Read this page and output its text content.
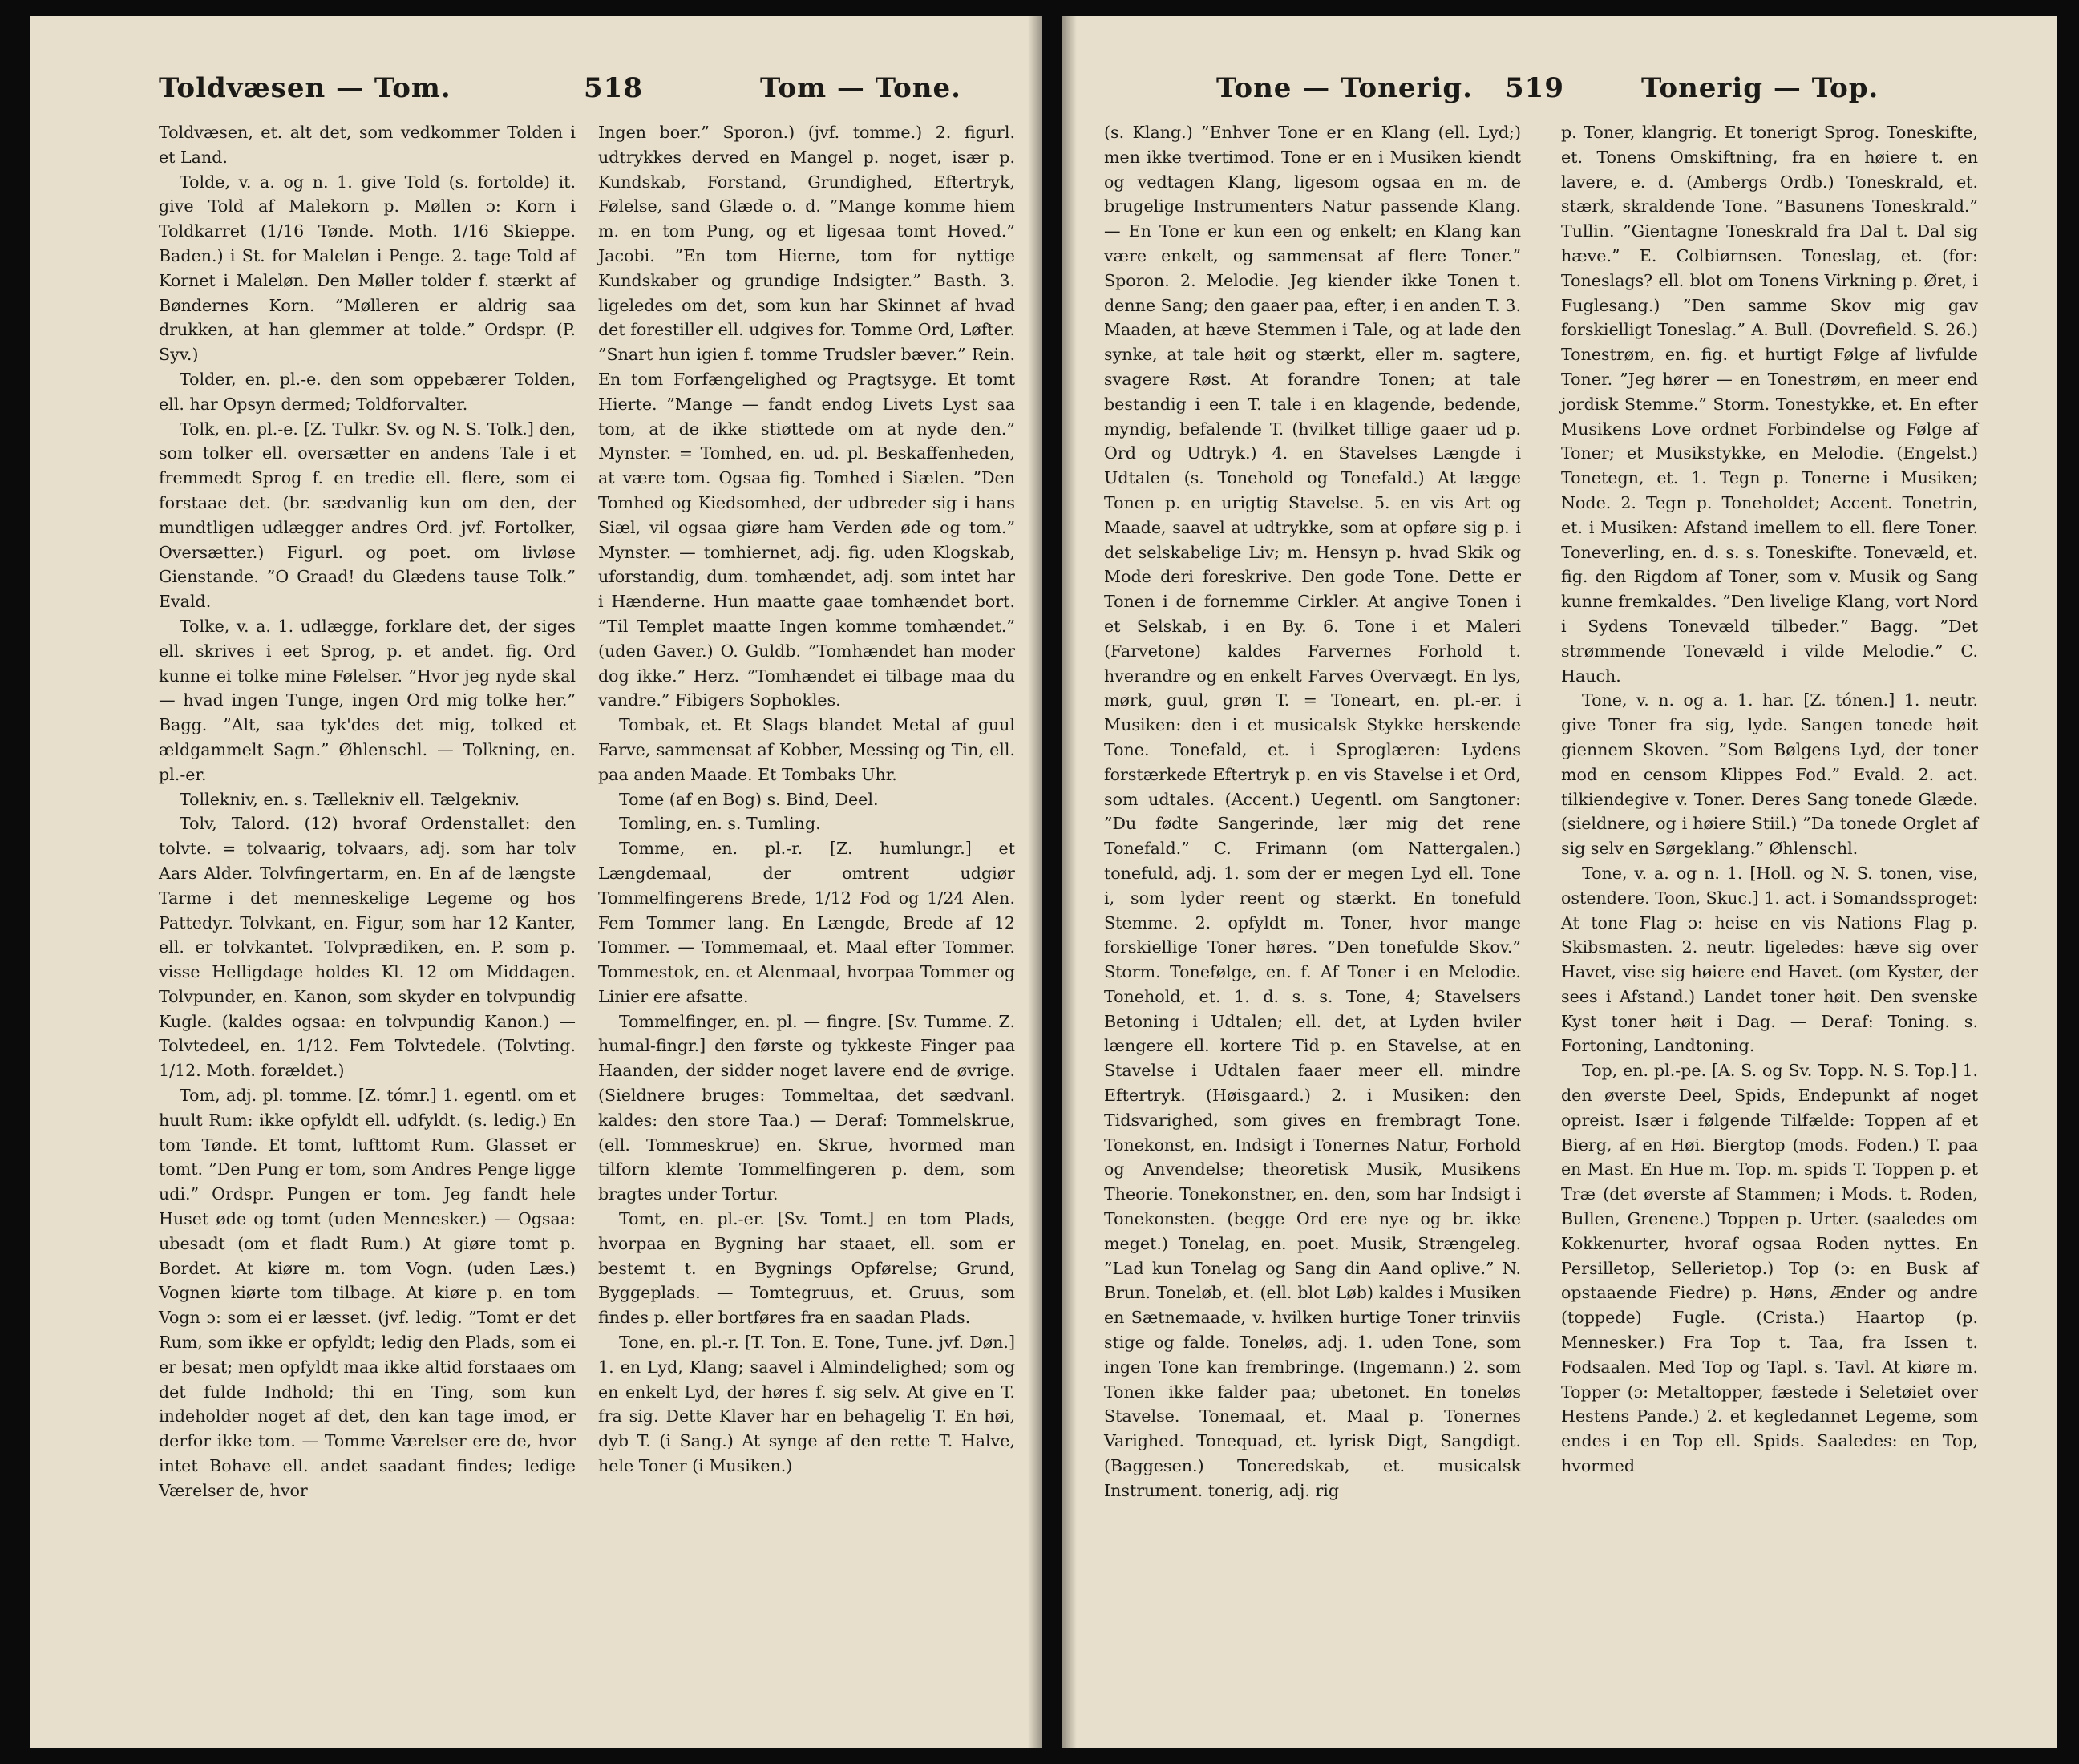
Toldvæsen — Tom.	518	Tom — Tone.

Toldvæsen, et. alt det, som vedkommer Tolden i et Land.

Tolde, v. a. og n. 1. give Told (s. fortolde) it. give Told af Malekorn p. Møllen ɔ: Korn i Toldkarret (1/16 Tønde. Moth. 1/16 Skieppe. Baden.) i St. for Maleløn i Penge. 2. tage Told af Kornet i Maleløn. Den Møller tolder f. stærkt af Bøndernes Korn. ”Mølleren er aldrig saa drukken, at han glemmer at tolde.” Ordspr. (P. Syv.)

Tolder, en. pl.-e. den som oppebærer Tolden, ell. har Opsyn dermed; Toldforvalter.

Tolk, en. pl.-e. [Z. Tulkr. Sv. og N. S. Tolk.] den, som tolker ell. oversætter en andens Tale i et fremmedt Sprog f. en tredie ell. flere, som ei forstaae det. (br. sædvanlig kun om den, der mundtligen udlægger andres Ord. jvf. Fortolker, Oversætter.) Figurl. og poet. om livløse Gienstande. ”O Graad! du Glædens tause Tolk.” Evald.

Tolke, v. a. 1. udlægge, forklare det, der siges ell. skrives i eet Sprog, p. et andet. fig. Ord kunne ei tolke mine Følelser. ”Hvor jeg nyde skal — hvad ingen Tunge, ingen Ord mig tolke her.” Bagg. ”Alt, saa tyk'des det mig, tolked et ældgammelt Sagn.” Øhlenschl. — Tolkning, en. pl.-er.

Tollekniv, en. s. Tællekniv ell. Tælgekniv.

Tolv, Talord. (12) hvoraf Ordenstallet: den tolvte. = tolvaarig, tolvaars, adj. som har tolv Aars Alder. Tolvfingertarm, en. En af de længste Tarme i det menneskelige Legeme og hos Pattedyr. Tolvkant, en. Figur, som har 12 Kanter, ell. er tolvkantet. Tolvprædiken, en. P. som p. visse Helligdage holdes Kl. 12 om Middagen. Tolvpunder, en. Kanon, som skyder en tolvpundig Kugle. (kaldes ogsaa: en tolvpundig Kanon.) — Tolvtedeel, en. 1/12. Fem Tolvtedele. (Tolvting. 1/12. Moth. forældet.)

Tom, adj. pl. tomme. [Z. tómr.] 1. egentl. om et huult Rum: ikke opfyldt ell. udfyldt. (s. ledig.) En tom Tønde. Et tomt, lufttomt Rum. Glasset er tomt. ”Den Pung er tom, som Andres Penge ligge udi.” Ordspr. Pungen er tom. Jeg fandt hele Huset øde og tomt (uden Mennesker.) — Ogsaa: ubesadt (om et fladt Rum.) At giøre tomt p. Bordet. At kiøre m. tom Vogn. (uden Læs.) Vognen kiørte tom tilbage. At kiøre p. en tom Vogn ɔ: som ei er læsset. (jvf. ledig. ”Tomt er det Rum, som ikke er opfyldt; ledig den Plads, som ei er besat; men opfyldt maa ikke altid forstaaes om det fulde Indhold; thi en Ting, som kun indeholder noget af det, den kan tage imod, er derfor ikke tom. — Tomme Værelser ere de, hvor intet Bohave ell. andet saadant findes; ledige Værelser de, hvor

Ingen boer.” Sporon.) (jvf. tomme.) 2. figurl. udtrykkes derved en Mangel p. noget, især p. Kundskab, Forstand, Grundighed, Eftertryk, Følelse, sand Glæde o. d. ”Mange komme hiem m. en tom Pung, og et ligesaa tomt Hoved.” Jacobi. ”En tom Hierne, tom for nyttige Kundskaber og grundige Indsigter.” Basth. 3. ligeledes om det, som kun har Skinnet af hvad det forestiller ell. udgives for. Tomme Ord, Løfter. ”Snart hun igien f. tomme Trudsler bæver.” Rein. En tom Forfængelighed og Pragtsyge. Et tomt Hierte. ”Mange — fandt endog Livets Lyst saa tom, at de ikke stiøttede om at nyde den.” Mynster. = Tomhed, en. ud. pl. Beskaffenheden, at være tom. Ogsaa fig. Tomhed i Siælen. ”Den Tomhed og Kiedsomhed, der udbreder sig i hans Siæl, vil ogsaa giøre ham Verden øde og tom.” Mynster. — tomhiernet, adj. fig. uden Klogskab, uforstandig, dum. tomhændet, adj. som intet har i Hænderne. Hun maatte gaae tomhændet bort. ”Til Templet maatte Ingen komme tomhændet.” (uden Gaver.) O. Guldb. ”Tomhændet han moder dog ikke.” Herz. ”Tomhændet ei tilbage maa du vandre.” Fibigers Sophokles.

Tombak, et. Et Slags blandet Metal af guul Farve, sammensat af Kobber, Messing og Tin, ell. paa anden Maade. Et Tombaks Uhr.

Tome (af en Bog) s. Bind, Deel.

Tomling, en. s. Tumling.

Tomme, en. pl.-r. [Z. humlungr.] et Længdemaal, der omtrent udgiør Tommelfingerens Brede, 1/12 Fod og 1/24 Alen. Fem Tommer lang. En Længde, Brede af 12 Tommer. — Tommemaal, et. Maal efter Tommer. Tommestok, en. et Alenmaal, hvorpaa Tommer og Linier ere afsatte.

Tommelfinger, en. pl. — fingre. [Sv. Tumme. Z. humal-fingr.] den første og tykkeste Finger paa Haanden, der sidder noget lavere end de øvrige. (Sieldnere bruges: Tommeltaa, det sædvanl. kaldes: den store Taa.) — Deraf: Tommelskrue, (ell. Tommeskrue) en. Skrue, hvormed man tilforn klemte Tommelfingeren p. dem, som bragtes under Tortur.

Tomt, en. pl.-er. [Sv. Tomt.] en tom Plads, hvorpaa en Bygning har staaet, ell. som er bestemt t. en Bygnings Opførelse; Grund, Byggeplads. — Tomtegruus, et. Gruus, som findes p. eller bortføres fra en saadan Plads.

Tone, en. pl.-r. [T. Ton. E. Tone, Tune. jvf. Døn.] 1. en Lyd, Klang; saavel i Almindelighed; som og en enkelt Lyd, der høres f. sig selv. At give en T. fra sig. Dette Klaver har en behagelig T. En høi, dyb T. (i Sang.) At synge af den rette T. Halve, hele Toner (i Musiken.)

Tone — Tonerig. 519	Tonerig — Top.

(s. Klang.) ”Enhver Tone er en Klang (ell. Lyd;) men ikke tvertimod. Tone er en i Musiken kiendt og vedtagen Klang, ligesom ogsaa en m. de brugelige Instrumenters Natur passende Klang. — En Tone er kun een og enkelt; en Klang kan være enkelt, og sammensat af flere Toner.” Sporon. 2. Melodie. Jeg kiender ikke Tonen t. denne Sang; den gaaer paa, efter, i en anden T. 3. Maaden, at hæve Stemmen i Tale, og at lade den synke, at tale høit og stærkt, eller m. sagtere, svagere Røst. At forandre Tonen; at tale bestandig i een T. tale i en klagende, bedende, myndig, befalende T. (hvilket tillige gaaer ud p. Ord og Udtryk.) 4. en Stavelses Længde i Udtalen (s. Tonehold og Tonefald.) At lægge Tonen p. en urigtig Stavelse. 5. en vis Art og Maade, saavel at udtrykke, som at opføre sig p. i det selskabelige Liv; m. Hensyn p. hvad Skik og Mode deri foreskrive. Den gode Tone. Dette er Tonen i de fornemme Cirkler. At angive Tonen i et Selskab, i en By. 6. Tone i et Maleri (Farvetone) kaldes Farvernes Forhold t. hverandre og en enkelt Farves Overvægt. En lys, mørk, guul, grøn T. = Toneart, en. pl.-er. i Musiken: den i et musicalsk Stykke herskende Tone. Tonefald, et. i Sproglæren: Lydens forstærkede Eftertryk p. en vis Stavelse i et Ord, som udtales. (Accent.) Uegentl. om Sangtoner: ”Du fødte Sangerinde, lær mig det rene Tonefald.” C. Frimann (om Nattergalen.) tonefuld, adj. 1. som der er megen Lyd ell. Tone i, som lyder reent og stærkt. En tonefuld Stemme. 2. opfyldt m. Toner, hvor mange forskiellige Toner høres. ”Den tonefulde Skov.” Storm. Tonefølge, en. f. Af Toner i en Melodie. Tonehold, et. 1. d. s. s. Tone, 4; Stavelsers Betoning i Udtalen; ell. det, at Lyden hviler længere ell. kortere Tid p. en Stavelse, at en Stavelse i Udtalen faaer meer ell. mindre Eftertryk. (Høisgaard.) 2. i Musiken: den Tidsvarighed, som gives en frembragt Tone. Tonekonst, en. Indsigt i Tonernes Natur, Forhold og Anvendelse; theoretisk Musik, Musikens Theorie. Tonekonstner, en. den, som har Indsigt i Tonekonsten. (begge Ord ere nye og br. ikke meget.) Tonelag, en. poet. Musik, Strængeleg. ”Lad kun Tonelag og Sang din Aand oplive.” N. Brun. Toneløb, et. (ell. blot Løb) kaldes i Musiken en Sætnemaade, v. hvilken hurtige Toner trinviis stige og falde. Toneløs, adj. 1. uden Tone, som ingen Tone kan frembringe. (Ingemann.) 2. som Tonen ikke falder paa; ubetonet. En toneløs Stavelse. Tonemaal, et. Maal p. Tonernes Varighed. Tonequad, et. lyrisk Digt, Sangdigt. (Baggesen.) Toneredskab, et. musicalsk Instrument. tonerig, adj. rig

p. Toner, klangrig. Et tonerigt Sprog. Toneskifte, et. Tonens Omskiftning, fra en høiere t. en lavere, e. d. (Ambergs Ordb.) Toneskrald, et. stærk, skraldende Tone. ”Basunens Toneskrald.” Tullin. ”Gientagne Toneskrald fra Dal t. Dal sig hæve.” E. Colbiørnsen. Toneslag, et. (for: Toneslags? ell. blot om Tonens Virkning p. Øret, i Fuglesang.) ”Den samme Skov mig gav forskielligt Toneslag.” A. Bull. (Dovrefield. S. 26.) Tonestrøm, en. fig. et hurtigt Følge af livfulde Toner. ”Jeg hører — en Tonestrøm, en meer end jordisk Stemme.” Storm. Tonestykke, et. En efter Musikens Love ordnet Forbindelse og Følge af Toner; et Musikstykke, en Melodie. (Engelst.) Tonetegn, et. 1. Tegn p. Tonerne i Musiken; Node. 2. Tegn p. Toneholdet; Accent. Tonetrin, et. i Musiken: Afstand imellem to ell. flere Toner. Toneverling, en. d. s. s. Toneskifte. Tonevæld, et. fig. den Rigdom af Toner, som v. Musik og Sang kunne fremkaldes. ”Den livelige Klang, vort Nord i Sydens Tonevæld tilbeder.” Bagg. ”Det strømmende Tonevæld i vilde Melodie.” C. Hauch.

Tone, v. n. og a. 1. har. [Z. tónen.] 1. neutr. give Toner fra sig, lyde. Sangen tonede høit giennem Skoven. ”Som Bølgens Lyd, der toner mod en censom Klippes Fod.” Evald. 2. act. tilkiendegive v. Toner. Deres Sang tonede Glæde. (sieldnere, og i høiere Stiil.) ”Da tonede Orglet af sig selv en Sørgeklang.” Øhlenschl.

Tone, v. a. og n. 1. [Holl. og N. S. tonen, vise, ostendere. Toon, Skuc.] 1. act. i Somandssproget: At tone Flag ɔ: heise en vis Nations Flag p. Skibsmasten. 2. neutr. ligeledes: hæve sig over Havet, vise sig høiere end Havet. (om Kyster, der sees i Afstand.) Landet toner høit. Den svenske Kyst toner høit i Dag. — Deraf: Toning. s. Fortoning, Landtoning.

Top, en. pl.-pe. [A. S. og Sv. Topp. N. S. Top.] 1. den øverste Deel, Spids, Endepunkt af noget opreist. Især i følgende Tilfælde: Toppen af et Bierg, af en Høi. Biergtop (mods. Foden.) T. paa en Mast. En Hue m. Top. m. spids T. Toppen p. et Træ (det øverste af Stammen; i Mods. t. Roden, Bullen, Grenene.) Toppen p. Urter. (saaledes om Kokkenurter, hvoraf ogsaa Roden nyttes. En Persilletop, Sellerietop.) Top (ɔ: en Busk af opstaaende Fiedre) p. Høns, Ænder og andre (toppede) Fugle. (Crista.) Haartop (p. Mennesker.) Fra Top t. Taa, fra Issen t. Fodsaalen. Med Top og Tapl. s. Tavl. At kiøre m. Topper (ɔ: Metaltopper, fæstede i Seletøiet over Hestens Pande.) 2. et kegledannet Legeme, som endes i en Top ell. Spids. Saaledes: en Top, hvormed
